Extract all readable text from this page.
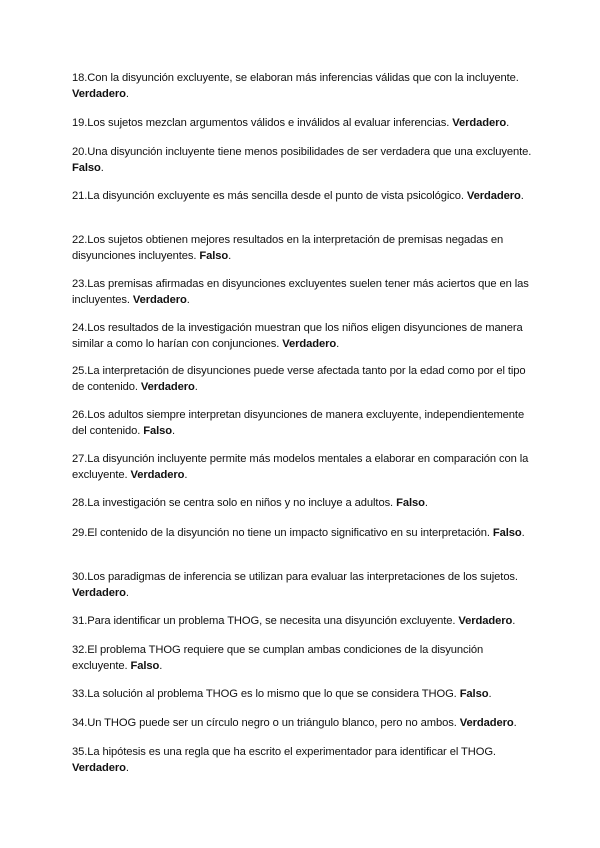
18.Con la disyunción excluyente, se elaboran más inferencias válidas que con la incluyente. Verdadero.
19.Los sujetos mezclan argumentos válidos e inválidos al evaluar inferencias. Verdadero.
20.Una disyunción incluyente tiene menos posibilidades de ser verdadera que una excluyente. Falso.
21.La disyunción excluyente es más sencilla desde el punto de vista psicológico. Verdadero.
22.Los sujetos obtienen mejores resultados en la interpretación de premisas negadas en disyunciones incluyentes. Falso.
23.Las premisas afirmadas en disyunciones excluyentes suelen tener más aciertos que en las incluyentes. Verdadero.
24.Los resultados de la investigación muestran que los niños eligen disyunciones de manera similar a como lo harían con conjunciones. Verdadero.
25.La interpretación de disyunciones puede verse afectada tanto por la edad como por el tipo de contenido. Verdadero.
26.Los adultos siempre interpretan disyunciones de manera excluyente, independientemente del contenido. Falso.
27.La disyunción incluyente permite más modelos mentales a elaborar en comparación con la excluyente. Verdadero.
28.La investigación se centra solo en niños y no incluye a adultos. Falso.
29.El contenido de la disyunción no tiene un impacto significativo en su interpretación. Falso.
30.Los paradigmas de inferencia se utilizan para evaluar las interpretaciones de los sujetos. Verdadero.
31.Para identificar un problema THOG, se necesita una disyunción excluyente. Verdadero.
32.El problema THOG requiere que se cumplan ambas condiciones de la disyunción excluyente. Falso.
33.La solución al problema THOG es lo mismo que lo que se considera THOG. Falso.
34.Un THOG puede ser un círculo negro o un triángulo blanco, pero no ambos. Verdadero.
35.La hipótesis es una regla que ha escrito el experimentador para identificar el THOG. Verdadero.
